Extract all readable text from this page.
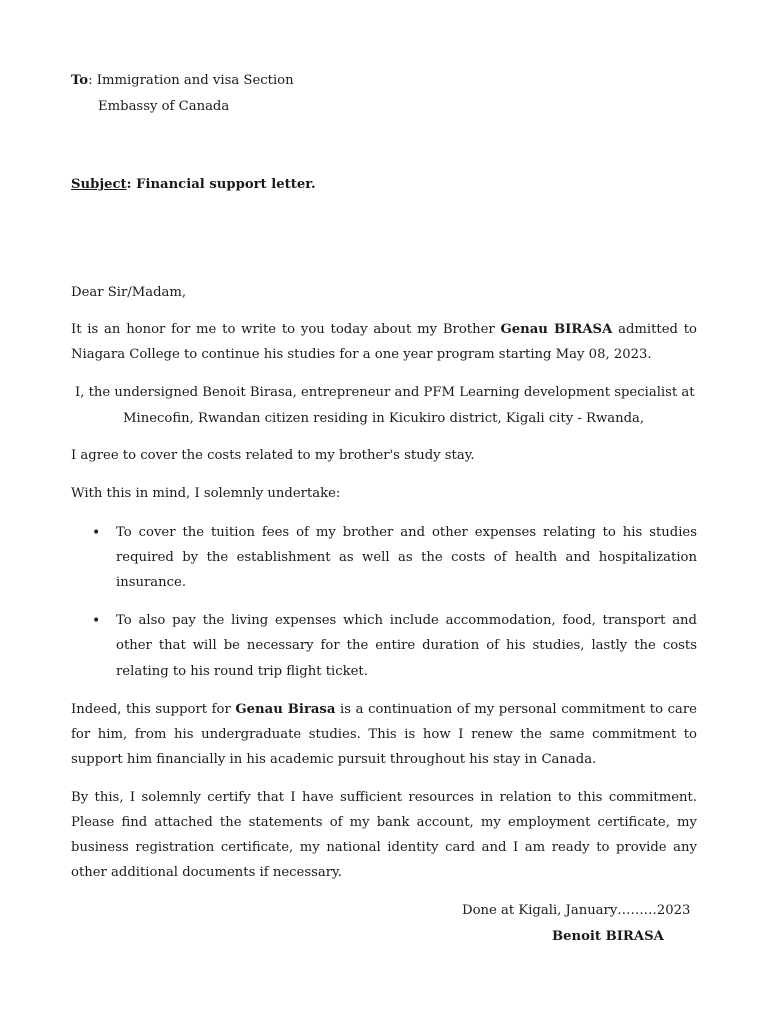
To: Immigration and visa Section
Embassy of Canada
Subject: Financial support letter.
Dear Sir/Madam,
It is an honor for me to write to you today about my Brother Genau BIRASA admitted to
Niagara College to continue his studies for a one year program starting May 08, 2023.
I, the undersigned Benoit Birasa, entrepreneur and PFM Learning development specialist at
Minecofin, Rwandan citizen residing in Kicukiro district, Kigali city - Rwanda,
I agree to cover the costs related to my brother's study stay.
With this in mind, I solemnly undertake:
• To cover the tuition fees of my brother and other expenses relating to his studies
required by the establishment as well as the costs of health and hospitalization
insurance.
• To also pay the living expenses which include accommodation, food, transport and
other that will be necessary for the entire duration of his studies, lastly the costs
relating to his round trip flight ticket.
Indeed, this support for Genau Birasa is a continuation of my personal commitment to care
for him, from his undergraduate studies. This is how I renew the same commitment to
support him financially in his academic pursuit throughout his stay in Canada.
By this, I solemnly certify that I have sufficient resources in relation to this commitment.
Please find attached the statements of my bank account, my employment certificate, my
business registration certificate, my national identity card and I am ready to provide any
other additional documents if necessary.
Done at Kigali, January………2023
Benoit BIRASA
